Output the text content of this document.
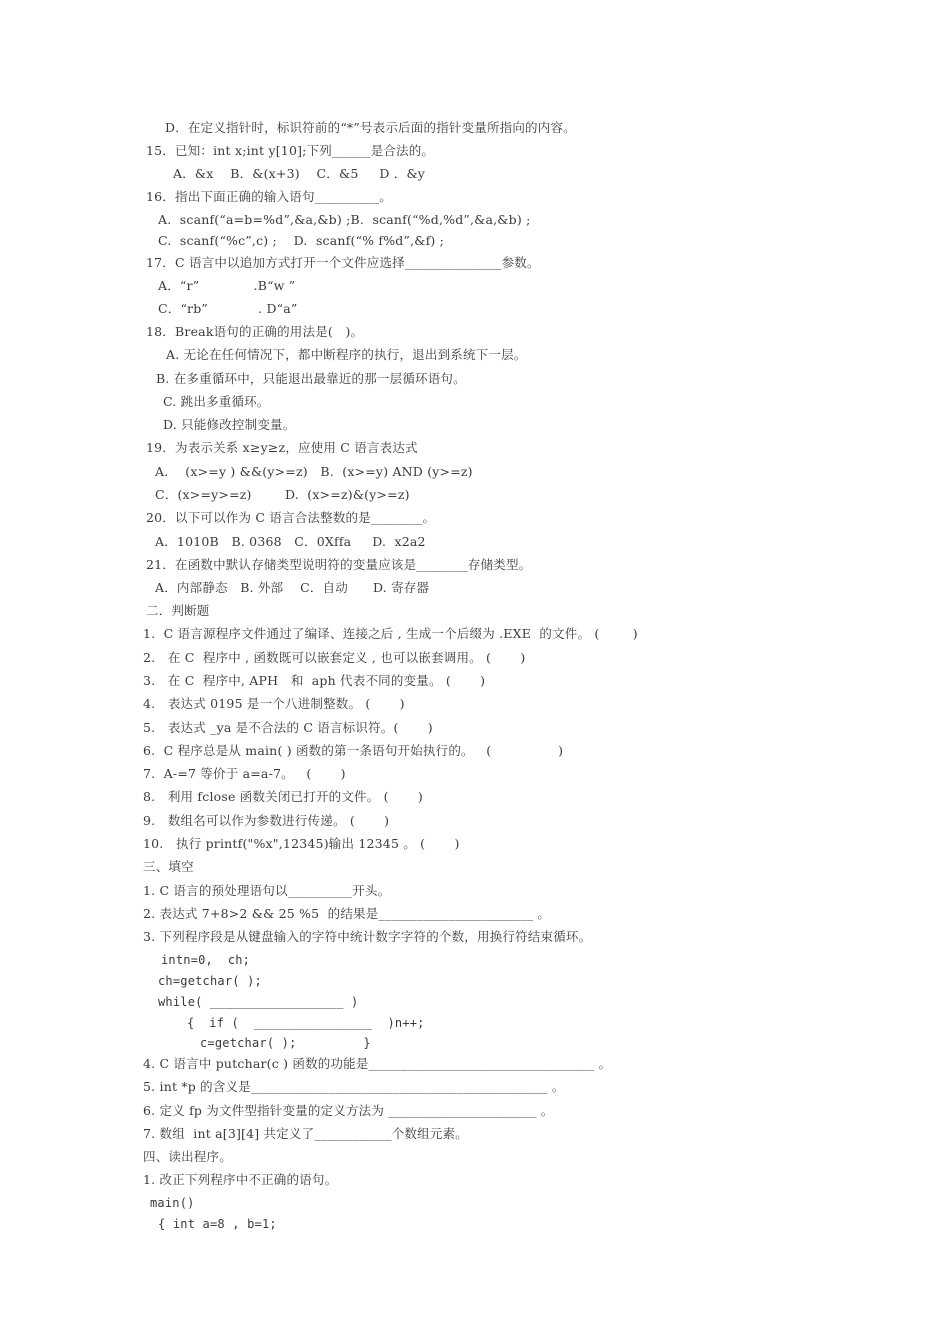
D．在定义指针时，标识符前的“*”号表示后面的指针变量所指向的内容。
15．已知：int x;int y[10];下列______是合法的。
A．&x    B．&(x+3)    C．&5     D ．&y
16．指出下面正确的输入语句__________。
A.  scanf(“a=b=%d”,&a,&b) ;B.  scanf(“%d,%d”,&a,&b) ;
C.  scanf(“%c”,c) ;    D.  scanf(“% f%d”,&f) ;
17．C 语言中以追加方式打开一个文件应选择_______________参数。
A．“r”             .B“w ”
C．“rb”            . D“a”
18．Break语句的正确的用法是(   )。
A. 无论在任何情况下，都中断程序的执行，退出到系统下一层。
B. 在多重循环中，只能退出最靠近的那一层循环语句。
C. 跳出多重循环。
D. 只能修改控制变量。
19．为表示关系 x≥y≥z，应使用 C 语言表达式
A．  (x>=y ) &&(y>=z)   B.  (x>=y) AND (y>=z)
C．(x>=y>=z)        D.  (x>=z)&(y>=z)
20．以下可以作为 C 语言合法整数的是________。
A．1010B   B. 0368   C．0Xffa     D.  x2a2
21．在函数中默认存储类型说明符的变量应该是________存储类型。
A．内部静态   B. 外部    C．自动      D. 寄存器
二．判断题
1.  C 语言源程序文件通过了编译、连接之后 , 生成一个后缀为 .EXE  的文件。 (        )
2.   在 C  程序中 , 函数既可以嵌套定义 , 也可以嵌套调用。 (       )
3.   在 C  程序中, APH   和  aph 代表不同的变量。 (       )
4.   表达式 0195 是一个八进制整数。 (       )
5.   表达式 _ya 是不合法的 C 语言标识符。(       )
6.  C 程序总是从 main( ) 函数的第一条语句开始执行的。   (                )
7.  A-=7 等价于 a=a-7。   (       )
8.   利用 fclose 函数关闭已打开的文件。 (       )
9.   数组名可以作为参数进行传递。 (       )
10.   执行 printf("%x",12345)输出 12345 。 (       )
三、填空
1. C 语言的预处理语句以__________开头。
2. 表达式 7+8>2 && 25 %5  的结果是________________________ 。
3. 下列程序段是从键盘输入的字符中统计数字字符的个数，用换行符结束循环。
intn=0,  ch;
ch=getchar( );
while( __________________ )
{  if (  ________________  )n++;
c=getchar( );         }
4. C 语言中 putchar(c ) 函数的功能是___________________________________ 。
5. int *p 的含义是______________________________________________ 。
6. 定义 fp 为文件型指针变量的定义方法为 _______________________ 。
7. 数组  int a[3][4] 共定义了____________个数组元素。
四、读出程序。
1. 改正下列程序中不正确的语句。
main()
{ int a=8 , b=1;
